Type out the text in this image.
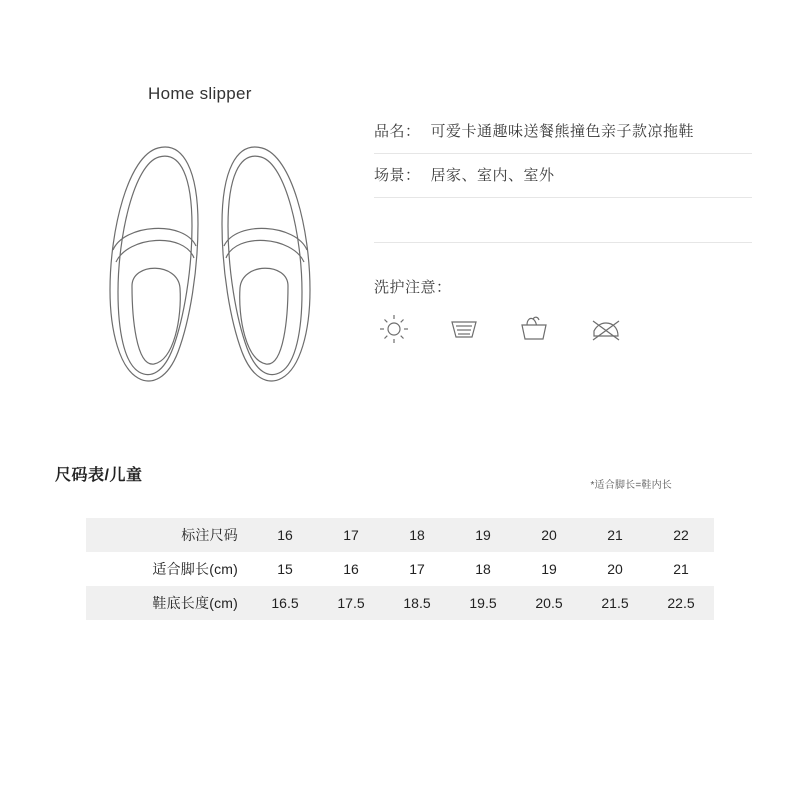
Home slipper
品名： 可爱卡通趣味送餐熊撞色亲子款凉拖鞋
场景： 居家、室内、室外
洗护注意：
尺码表/儿童
*适合脚长=鞋内长
标注尺码	16	17	18	19	20	21	22
适合脚长(cm)	15	16	17	18	19	20	21
鞋底长度(cm)	16.5	17.5	18.5	19.5	20.5	21.5	22.5
